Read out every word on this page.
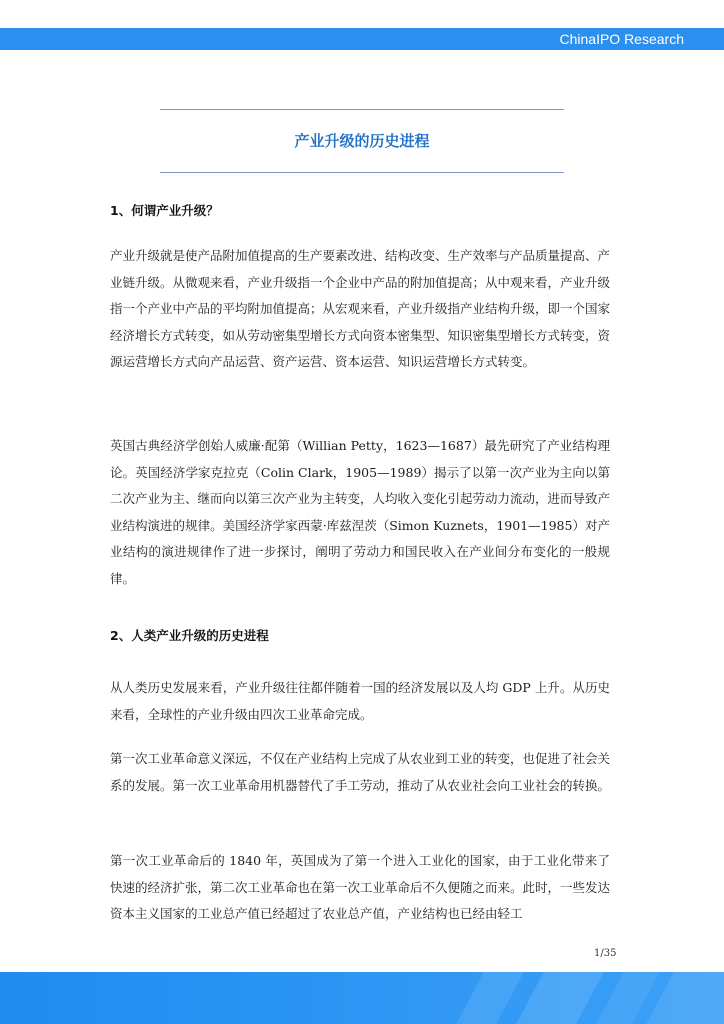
ChinaIPO Research
产业升级的历史进程
1、何谓产业升级？

产业升级就是使产品附加值提高的生产要素改进、结构改变、生产效率与产品质量提高、产业链升级。从微观来看，产业升级指一个企业中产品的附加值提高；从中观来看，产业升级指一个产业中产品的平均附加值提高；从宏观来看，产业升级指产业结构升级，即一个国家经济增长方式转变，如从劳动密集型增长方式向资本密集型、知识密集型增长方式转变，资源运营增长方式向产品运营、资产运营、资本运营、知识运营增长方式转变。

英国古典经济学创始人威廉·配第（Willian Petty，1623—1687）最先研究了产业结构理论。英国经济学家克拉克（Colin Clark，1905—1989）揭示了以第一次产业为主向以第二次产业为主、继而向以第三次产业为主转变，人均收入变化引起劳动力流动，进而导致产业结构演进的规律。美国经济学家西蒙·库兹涅茨（Simon Kuznets，1901—1985）对产业结构的演进规律作了进一步探讨，阐明了劳动力和国民收入在产业间分布变化的一般规律。

2、人类产业升级的历史进程

从人类历史发展来看，产业升级往往都伴随着一国的经济发展以及人均 GDP 上升。从历史来看，全球性的产业升级由四次工业革命完成。

第一次工业革命意义深远，不仅在产业结构上完成了从农业到工业的转变，也促进了社会关系的发展。第一次工业革命用机器替代了手工劳动，推动了从农业社会向工业社会的转换。

第一次工业革命后的 1840 年，英国成为了第一个进入工业化的国家，由于工业化带来了快速的经济扩张，第二次工业革命也在第一次工业革命后不久便随之而来。此时，一些发达资本主义国家的工业总产值已经超过了农业总产值，产业结构也已经由轻工

1/35
